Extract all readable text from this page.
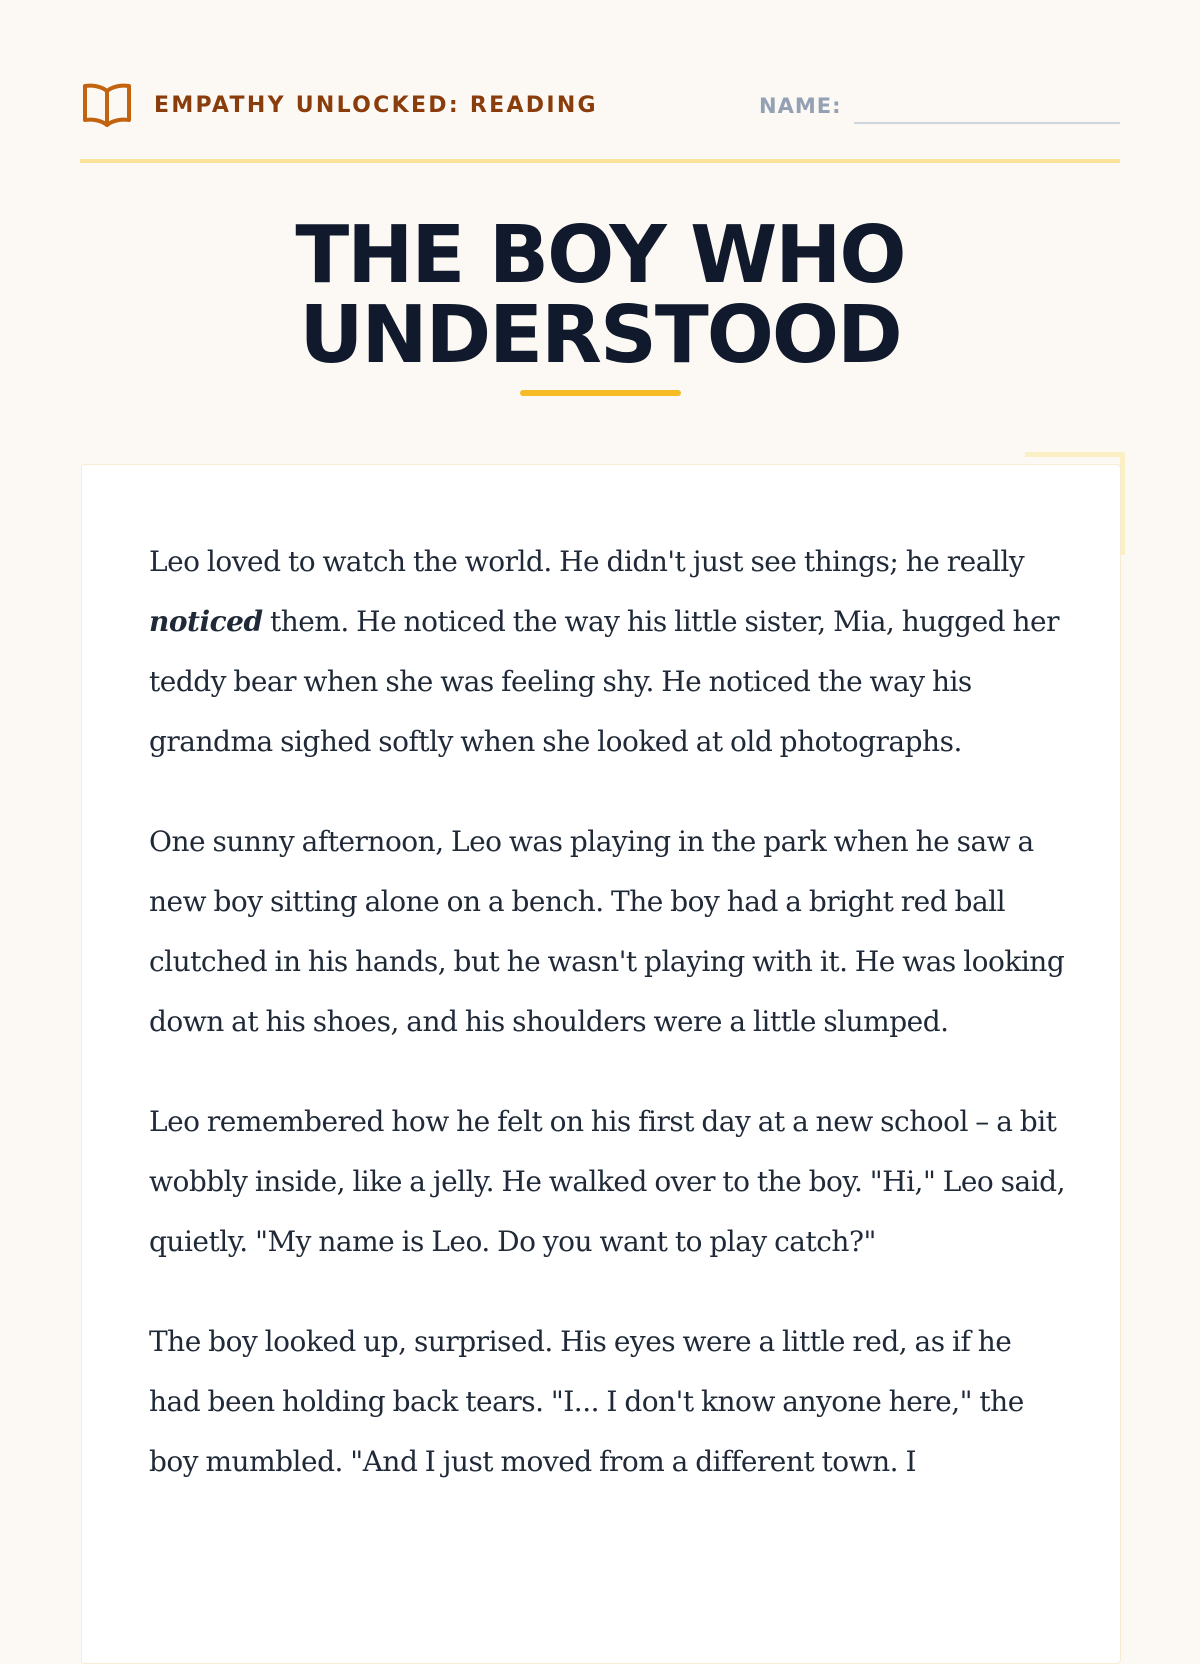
EMPATHY UNLOCKED: READING	NAME:
THE BOY WHO
UNDERSTOOD

Leo loved to watch the world. He didn't just see things; he really noticed them. He noticed the way his little sister, Mia, hugged her teddy bear when she was feeling shy. He noticed the way his grandma sighed softly when she looked at old photographs.

One sunny afternoon, Leo was playing in the park when he saw a new boy sitting alone on a bench. The boy had a bright red ball clutched in his hands, but he wasn't playing with it. He was looking down at his shoes, and his shoulders were a little slumped.

Leo remembered how he felt on his first day at a new school – a bit wobbly inside, like a jelly. He walked over to the boy. "Hi," Leo said, quietly. "My name is Leo. Do you want to play catch?"

The boy looked up, surprised. His eyes were a little red, as if he had been holding back tears. "I... I don't know anyone here," the boy mumbled. "And I just moved from a different town. I
